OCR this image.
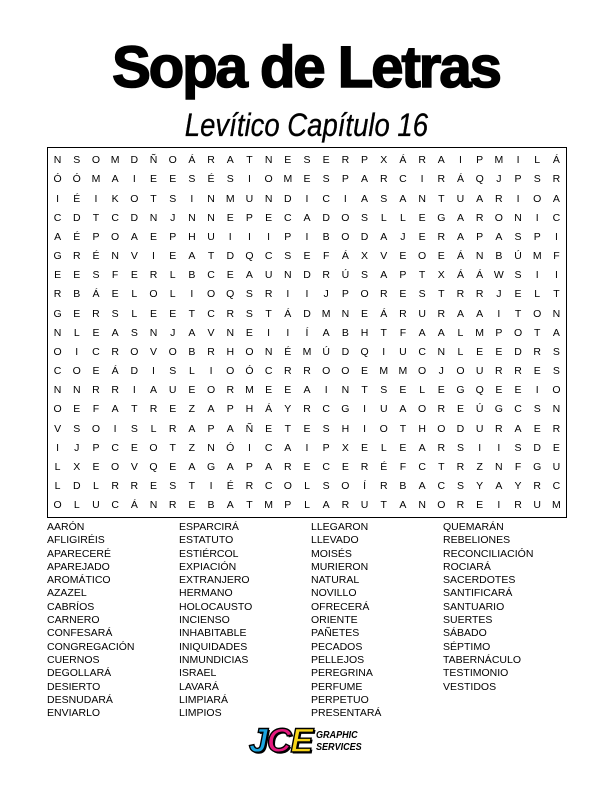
Sopa de Letras
Levítico Capítulo 16
N	S	O	M	D	Ñ	O	Á	R	A	T	N	E	S	E	R	P	X	Á	R	A	I	P	M	I	L	Á
Ó	Ó	M	A	I	E	E	S	É	S	I	O	M	E	S	P	A	R	C	I	R	Á	Q	J	P	S	R
I	É	I	K	O	T	S	I	N	M	U	N	D	I	C	I	A	S	A	N	T	U	A	R	I	O	A
C	D	T	C	D	N	J	N	N	E	P	E	C	A	D	O	S	L	L	E	G	A	R	O	N	I	C
A	É	P	O	A	E	P	H	U	I	I	I	P	I	B	O	D	A	J	E	R	A	P	A	S	P	I
G	R	É	N	V	I	E	A	T	D	Q	C	S	E	F	Á	X	V	E	O	E	Á	N	B	Ú	M	F
E	E	S	F	E	R	L	B	C	E	A	U	N	D	R	Ú	S	A	P	T	X	Á	Á	W	S	I	I
R	B	Á	E	L	O	L	I	O	Q	S	R	I	I	J	P	O	R	E	S	T	R	R	J	E	L	T
G	E	R	S	L	E	E	T	C	R	S	T	Á	D	M	N	E	Á	R	U	R	A	A	I	T	O	N
N	L	E	A	S	N	J	A	V	N	E	I	I	Í	A	B	H	T	F	A	A	L	M	P	O	T	A
O	I	C	R	O	V	O	B	R	H	O	N	É	M	Ú	D	Q	I	U	C	N	L	E	E	D	R	S
C	O	E	Á	D	I	S	L	I	O	Ó	C	R	R	O	O	E	M M	O	J	O	U	R	R	E	S
N	N	R	R	I	A	U	E	O	R	M	E	E	A	I	N	T	S	E	L	E	G	Q	E	E	I	O
O	E	F	A	T	R	E	Z	A	P	H	Á	Y	R	C	G	I	U	A	O	R	E	Ú	G	C	S	N
V	S	O	I	S	L	R	A	P	A	Ñ	E	T	E	S	H	I	O	T	H	O	D	U	R	A	E	R
I	J	P	C	E	O	T	Z	N	Ó	I	C	A	I	P	X	E	L	E	A	R	S	I	I	S	D	E
L	X	E	O	V	Q	E	A	G	A	P	A	R	E	C	E	R	É	F	C	T	R	Z	N	F	G	U
L	D	L	R	R	E	S	T	I	É	R	C	O	L	S	O	Í	R	B	A	C	S	Y	A	Y	R	C
O	L	U	C	Á	N	R	E	B	A	T	M	P	L	A	R	U	T	A	N	O	R	E	I	R	U	M
AARÓN
AFLIGIRÉIS
APARECERÉ
APAREJADO
AROMÁTICO
AZAZEL
CABRÍOS
CARNERO
CONFESARÁ
CONGREGACIÓN
CUERNOS
DEGOLLARÁ
DESIERTO
DESNUDARÁ
ENVIARLO
ESPARCIRÁ
ESTATUTO
ESTIÉRCOL
EXPIACIÓN
EXTRANJERO
HERMANO
HOLOCAUSTO
INCIENSO
INHABITABLE
INIQUIDADES
INMUNDICIAS
ISRAEL
LAVARÁ
LIMPIARÁ
LIMPIOS
LLEGARON
LLEVADO
MOISÉS
MURIERON
NATURAL
NOVILLO
OFRECERÁ
ORIENTE
PAÑETES
PECADOS
PELLEJOS
PEREGRINA
PERFUME
PERPETUO
PRESENTARÁ
QUEMARÁN
REBELIONES
RECONCILIACIÓN
ROCIARÁ
SACERDOTES
SANTIFICARÁ
SANTUARIO
SUERTES
SÁBADO
SÉPTIMO
TABERNÁCULO
TESTIMONIO
VESTIDOS
JCE GRAPHIC
SERVICES
